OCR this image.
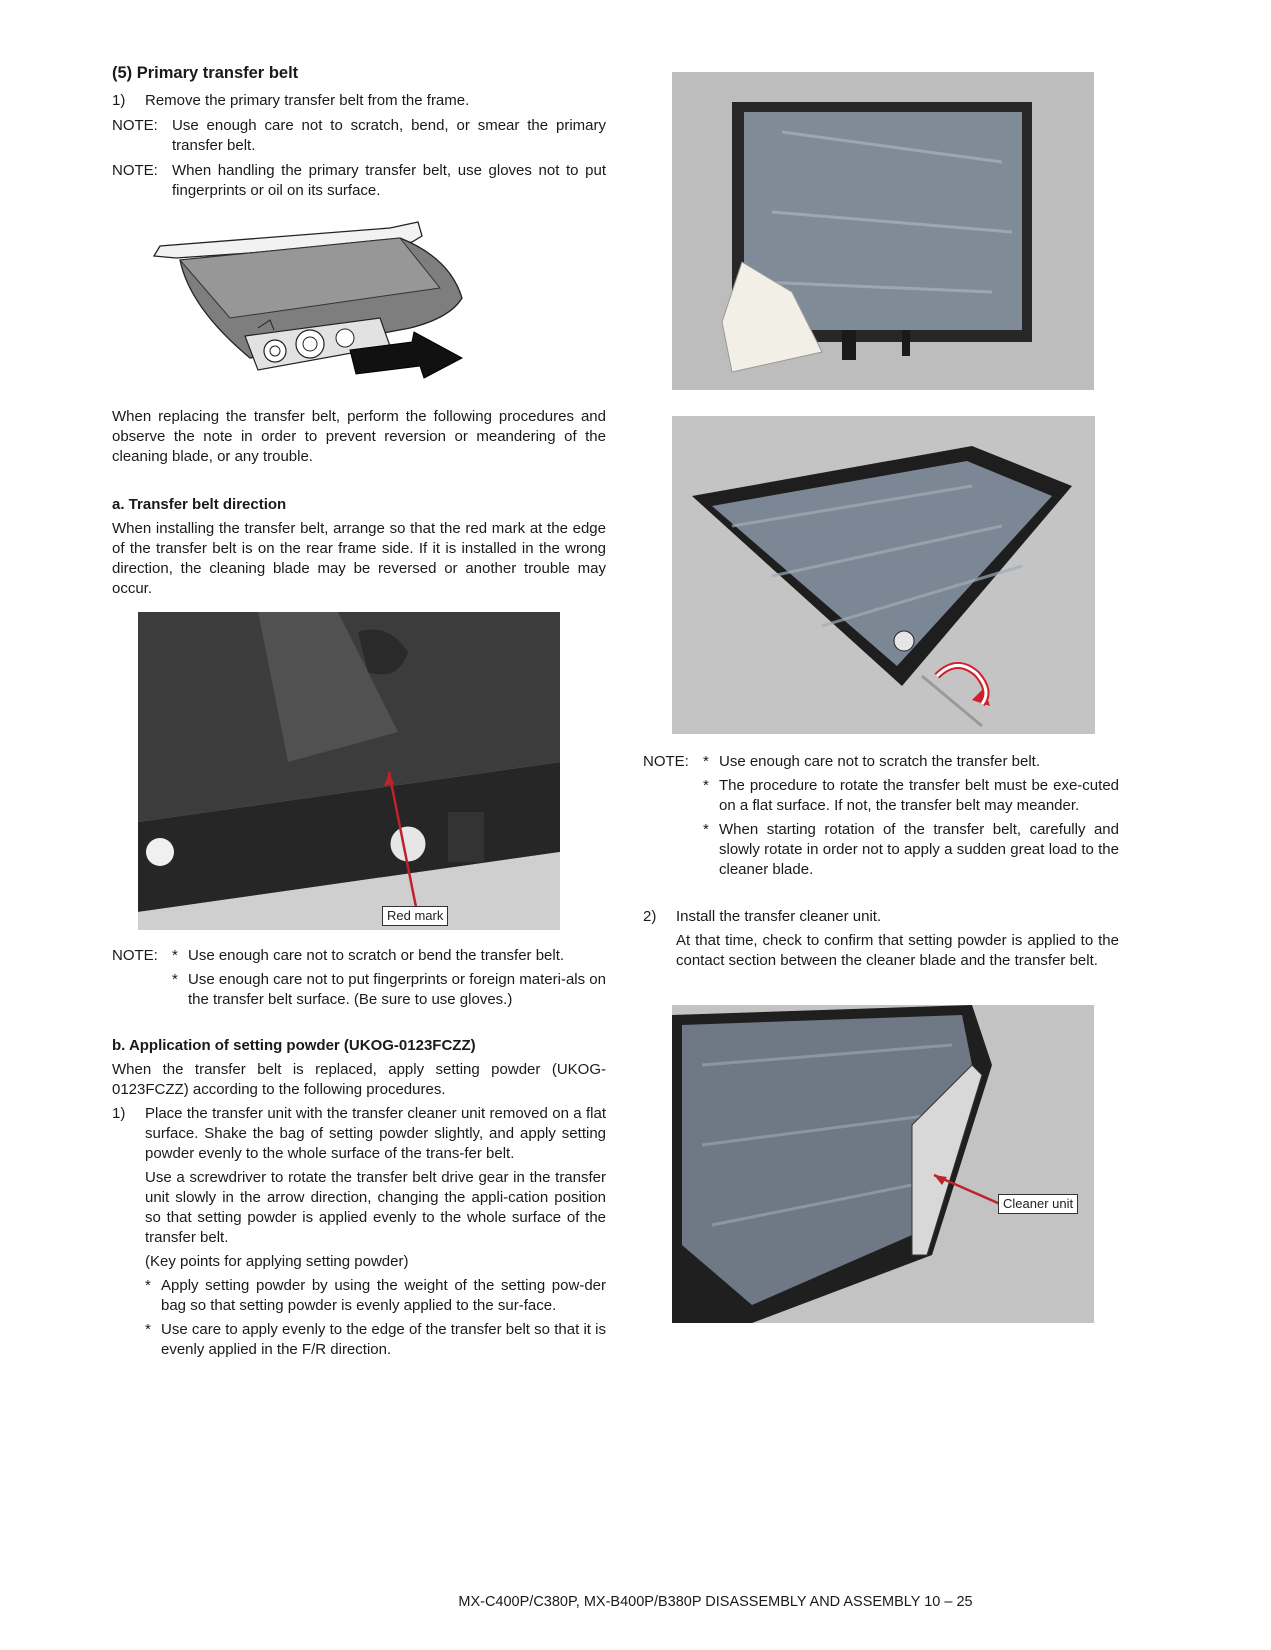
(5) Primary transfer belt
1)	Remove the primary transfer belt from the frame.
NOTE: Use enough care not to scratch, bend, or smear the primary transfer belt.
NOTE: When handling the primary transfer belt, use gloves not to put fingerprints or oil on its surface.
When replacing the transfer belt, perform the following procedures and observe the note in order to prevent reversion or meandering of the cleaning blade, or any trouble.
a. Transfer belt direction
When installing the transfer belt, arrange so that the red mark at the edge of the transfer belt is on the rear frame side. If it is installed in the wrong direction, the cleaning blade may be reversed or another trouble may occur.
Red mark
NOTE: * Use enough care not to scratch or bend the transfer belt.
* Use enough care not to put fingerprints or foreign materi-als on the transfer belt surface. (Be sure to use gloves.)
b. Application of setting powder (UKOG-0123FCZZ)
When the transfer belt is replaced, apply setting powder (UKOG-0123FCZZ) according to the following procedures.
1)	Place the transfer unit with the transfer cleaner unit removed on a flat surface. Shake the bag of setting powder slightly, and apply setting powder evenly to the whole surface of the trans-fer belt.
Use a screwdriver to rotate the transfer belt drive gear in the transfer unit slowly in the arrow direction, changing the appli-cation position so that setting powder is applied evenly to the whole surface of the transfer belt.
(Key points for applying setting powder)
* Apply setting powder by using the weight of the setting pow-der bag so that setting powder is evenly applied to the sur-face.
* Use care to apply evenly to the edge of the transfer belt so that it is evenly applied in the F/R direction.
NOTE: * Use enough care not to scratch the transfer belt.
* The procedure to rotate the transfer belt must be exe-cuted on a flat surface. If not, the transfer belt may meander.
* When starting rotation of the transfer belt, carefully and slowly rotate in order not to apply a sudden great load to the cleaner blade.
2)	Install the transfer cleaner unit.
At that time, check to confirm that setting powder is applied to the contact section between the cleaner blade and the transfer belt.
Cleaner unit
MX-C400P/C380P, MX-B400P/B380P DISASSEMBLY AND ASSEMBLY 10 – 25
